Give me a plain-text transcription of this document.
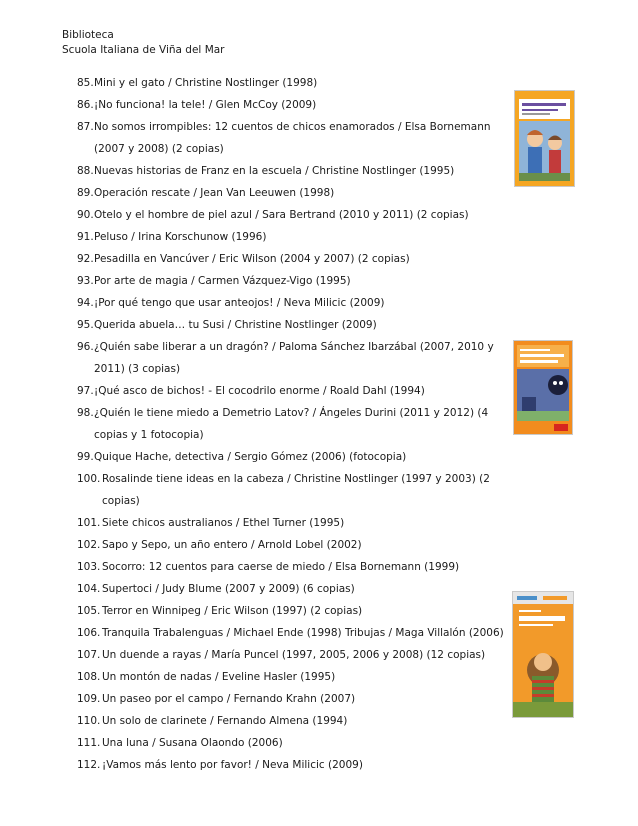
Biblioteca
Scuola Italiana de Viña del Mar
85. Mini y el gato / Christine Nostlinger (1998)
86. ¡No funciona! la tele! / Glen McCoy (2009)
87. No somos irrompibles: 12 cuentos de chicos enamorados / Elsa Bornemann (2007 y 2008) (2 copias)
88. Nuevas historias de Franz en la escuela / Christine Nostlinger (1995)
89. Operación rescate / Jean Van Leeuwen (1998)
90. Otelo y el hombre de piel azul / Sara Bertrand (2010 y 2011) (2 copias)
91. Peluso / Irina Korschunow (1996)
92. Pesadilla en Vancúver / Eric Wilson (2004 y 2007) (2 copias)
93. Por arte de magia / Carmen Vázquez-Vigo (1995)
94. ¡Por qué tengo que usar anteojos! / Neva Milicic (2009)
95. Querida abuela… tu Susi / Christine Nostlinger (2009)
96. ¿Quién sabe liberar a un dragón? / Paloma Sánchez Ibarzábal (2007, 2010 y 2011) (3 copias)
97. ¡Qué asco de bichos! - El cocodrilo enorme / Roald Dahl (1994)
98. ¿Quién le tiene miedo a Demetrio Latov? / Ángeles Durini (2011 y 2012) (4 copias y 1 fotocopia)
99. Quique Hache, detectiva / Sergio Gómez (2006) (fotocopia)
100. Rosalinde tiene ideas en la cabeza / Christine Nostlinger (1997 y 2003) (2 copias)
101. Siete chicos australianos / Ethel Turner (1995)
102. Sapo y Sepo, un año entero / Arnold Lobel (2002)
103. Socorro: 12 cuentos para caerse de miedo / Elsa Bornemann (1999)
104. Supertoci / Judy Blume (2007 y 2009) (6 copias)
105. Terror en Winnipeg / Eric Wilson (1997) (2 copias)
106. Tranquila Trabalenguas / Michael Ende (1998) Tribujas / Maga Villalón (2006)
107. Un duende a rayas / María Puncel (1997, 2005, 2006 y 2008) (12 copias)
108. Un montón de nadas / Eveline Hasler (1995)
109. Un paseo por el campo / Fernando Krahn (2007)
110. Un solo de clarinete / Fernando Almena (1994)
111. Una luna / Susana Olaondo (2006)
112. ¡Vamos más lento por favor! / Neva Milicic (2009)
